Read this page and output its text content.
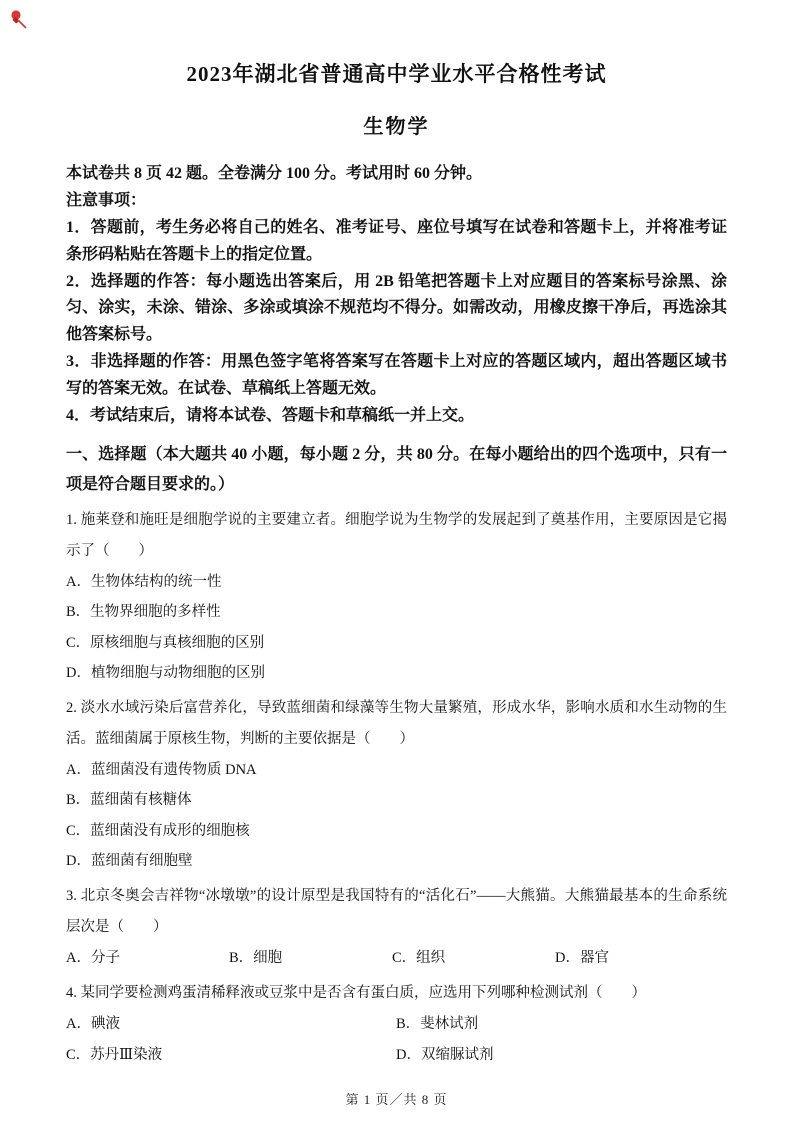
2023年湖北省普通高中学业水平合格性考试
生物学

本试卷共 8 页 42 题。全卷满分 100 分。考试用时 60 分钟。

注意事项：

1．答题前，考生务必将自己的姓名、准考证号、座位号填写在试卷和答题卡上，并将准考证条形码粘贴在答题卡上的指定位置。

2．选择题的作答：每小题选出答案后，用 2B 铅笔把答题卡上对应题目的答案标号涂黑、涂匀、涂实，未涂、错涂、多涂或填涂不规范均不得分。如需改动，用橡皮擦干净后，再选涂其他答案标号。

3．非选择题的作答：用黑色签字笔将答案写在答题卡上对应的答题区域内，超出答题区域书写的答案无效。在试卷、草稿纸上答题无效。

4．考试结束后，请将本试卷、答题卡和草稿纸一并上交。

一、选择题（本大题共 40 小题，每小题 2 分，共 80 分。在每小题给出的四个选项中，只有一项是符合题目要求的。）
1. 施莱登和施旺是细胞学说的主要建立者。细胞学说为生物学的发展起到了奠基作用，主要原因是它揭示了（　　）
A．生物体结构的统一性
B．生物界细胞的多样性
C．原核细胞与真核细胞的区别
D．植物细胞与动物细胞的区别
2. 淡水水域污染后富营养化，导致蓝细菌和绿藻等生物大量繁殖，形成水华，影响水质和水生动物的生活。蓝细菌属于原核生物，判断的主要依据是（　　）
A．蓝细菌没有遗传物质 DNA
B．蓝细菌有核糖体
C．蓝细菌没有成形的细胞核
D．蓝细菌有细胞壁
3. 北京冬奥会吉祥物“冰墩墩”的设计原型是我国特有的“活化石”——大熊猫。大熊猫最基本的生命系统层次是（　　）
A．分子	B．细胞	C．组织	D．器官
4. 某同学要检测鸡蛋清稀释液或豆浆中是否含有蛋白质，应选用下列哪种检测试剂（　　）
A．碘液	B．斐林试剂
C．苏丹Ⅲ染液	D．双缩脲试剂
第 1 页／共 8 页
